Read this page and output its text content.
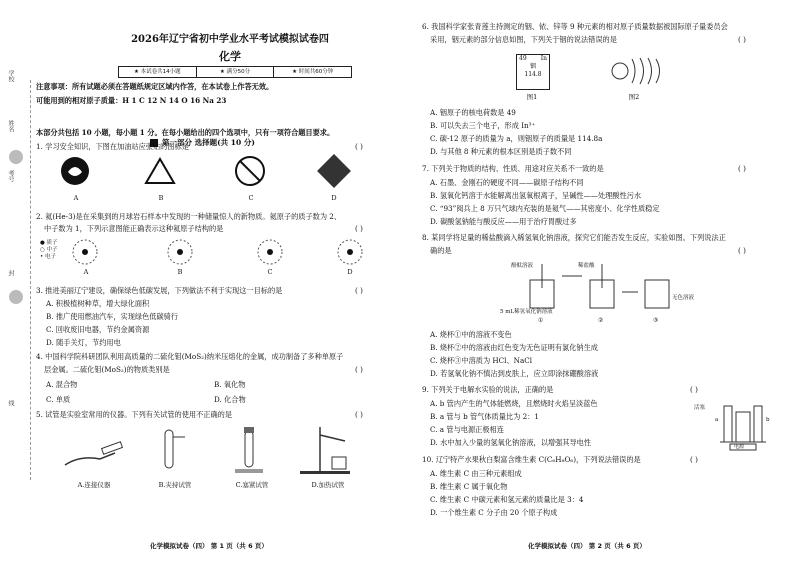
学校
姓名
考号
封
线
2026年辽宁省初中学业水平考试模拟试卷四
化学
★ 本试卷共14小题	★ 满分50分	★ 时间共60分钟
注意事项：所有试题必须在答题纸规定区域内作答，在本试卷上作答无效。
可能用到的相对原子质量：H 1 C 12 N 14 O 16 Na 23
第一部分 选择题(共 10 分)
本部分共包括 10 小题，每小题 1 分。在每小题给出的四个选项中，只有一项符合题目要求。
1. 学习安全知识，下图在加油站应张贴的图标是	( )
A	B	C	D
2. 氦(He-3)是在采集到的月球岩石样本中发现的一种储量惊人的新物质。氦原子的质子数为 2、
中子数为 1，下列示意图能正确表示这种氦原子结构的是	( )
● 质子
○ 中子
• 电子
A	B	C	D
3. 推进美丽辽宁建设，确保绿色低碳发展，下列做法不利于实现这一目标的是	( )
A. 积极植树种草，增大绿化面积
B. 推广使用燃油汽车，实现绿色低碳骑行
C. 回收废旧电器，节约金属资源
D. 随手关灯，节约用电
4. 中国科学院科研团队利用高质量的二硫化钼(MoS₂)纳米压熔化的金属，成功制备了多种单原子
层金属。二硫化钼(MoS₂)的物质类别是	( )
A. 混合物	B. 氧化物
C. 单质	D. 化合物
5. 试管是实验室常用的仪器。下列有关试管的使用不正确的是	( )
A.连接仪器	B.夹持试管	C.塞紧试管	D.加热试管
化学模拟试卷（四） 第 1 页（共 6 页）
6. 我国科学家张青莲主持测定的铟、铱、锌等 9 种元素的相对原子质量数据被国际原子量委员会
采用，铟元素的部分信息如图，下列关于铟的说法错误的是	( )
49 In
铟
114.8
图1	图2
A. 铟原子的核电荷数是 49
B. 可以失去三个电子，形成 In³⁺
C. 碳-12 原子的质量为 a，则铟原子的质量是 114.8a
D. 与其他 8 种元素的根本区别是质子数不同
7. 下列关于物质的结构、性质、用途对应关系不一致的是	( )
A. 石墨、金刚石的硬度不同——碳原子结构不同
B. 氢氧化钙溶于水能解离出氢氧根离子，呈碱性——处理酸性污水
C. “93”阅兵上 8 万只气球内充装的是氦气——其密度小、化学性质稳定
D. 碳酸氢钠能与酸反应——用于治疗胃酸过多
8. 某同学将足量的稀盐酸滴入稀氢氧化钠溶液，探究它们能否发生反应，实验如图。下列说法正
确的是	( )
酚酞溶液	稀盐酸
5 mL稀氢氧化钠溶液
无色溶液
①	②	③
A. 烧杯①中的溶液不变色
B. 烧杯②中的溶液由红色变为无色证明有氯化钠生成
C. 烧杯③中溶质为 HCl、NaCl
D. 若氢氧化钠不慎沾到皮肤上，应立即涂抹硼酸溶液
9. 下列关于电解水实验的说法，正确的是	( )
A. b 管内产生的气体能燃烧，且燃烧时火焰呈淡蓝色
B. a 管与 b 管气体质量比为 2：1
C. a 管与电源正极相连
D. 水中加入少量的氢氧化钠溶液，以增强其导电性
活塞
a	b
电源
10. 辽宁特产水果秋白梨富含维生素 C(C₆H₈O₆)，下列说法错误的是	( )
A. 维生素 C 由三种元素组成
B. 维生素 C 属于氧化物
C. 维生素 C 中碳元素和氢元素的质量比是 3：4
D. 一个维生素 C 分子由 20 个原子构成
化学模拟试卷（四） 第 2 页（共 6 页）
